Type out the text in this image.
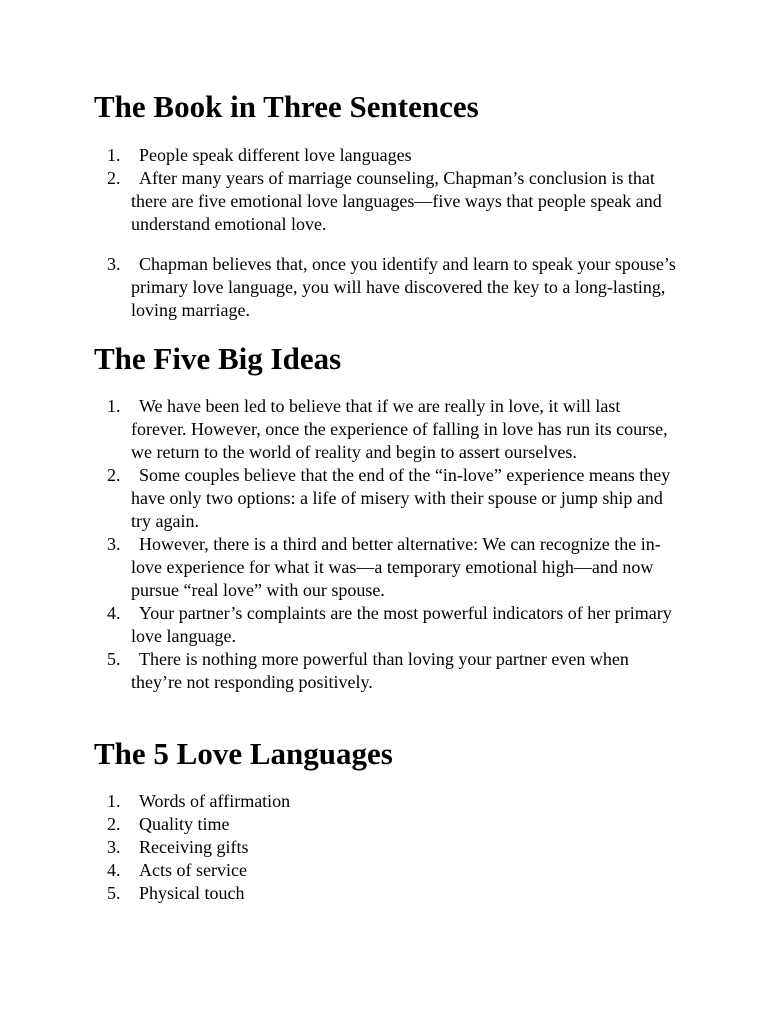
The Book in Three Sentences
1.	People speak different love languages
2.	After many years of marriage counseling, Chapman’s conclusion is that there are five emotional love languages—five ways that people speak and understand emotional love.
3.	Chapman believes that, once you identify and learn to speak your spouse’s primary love language, you will have discovered the key to a long-lasting, loving marriage.
The Five Big Ideas
1.	We have been led to believe that if we are really in love, it will last forever. However, once the experience of falling in love has run its course, we return to the world of reality and begin to assert ourselves.
2.	Some couples believe that the end of the “in-love” experience means they have only two options: a life of misery with their spouse or jump ship and try again.
3.	However, there is a third and better alternative: We can recognize the in-love experience for what it was—a temporary emotional high—and now pursue “real love” with our spouse.
4.	Your partner’s complaints are the most powerful indicators of her primary love language.
5.	There is nothing more powerful than loving your partner even when they’re not responding positively.
The 5 Love Languages
1.	Words of affirmation
2.	Quality time
3.	Receiving gifts
4.	Acts of service
5.	Physical touch
